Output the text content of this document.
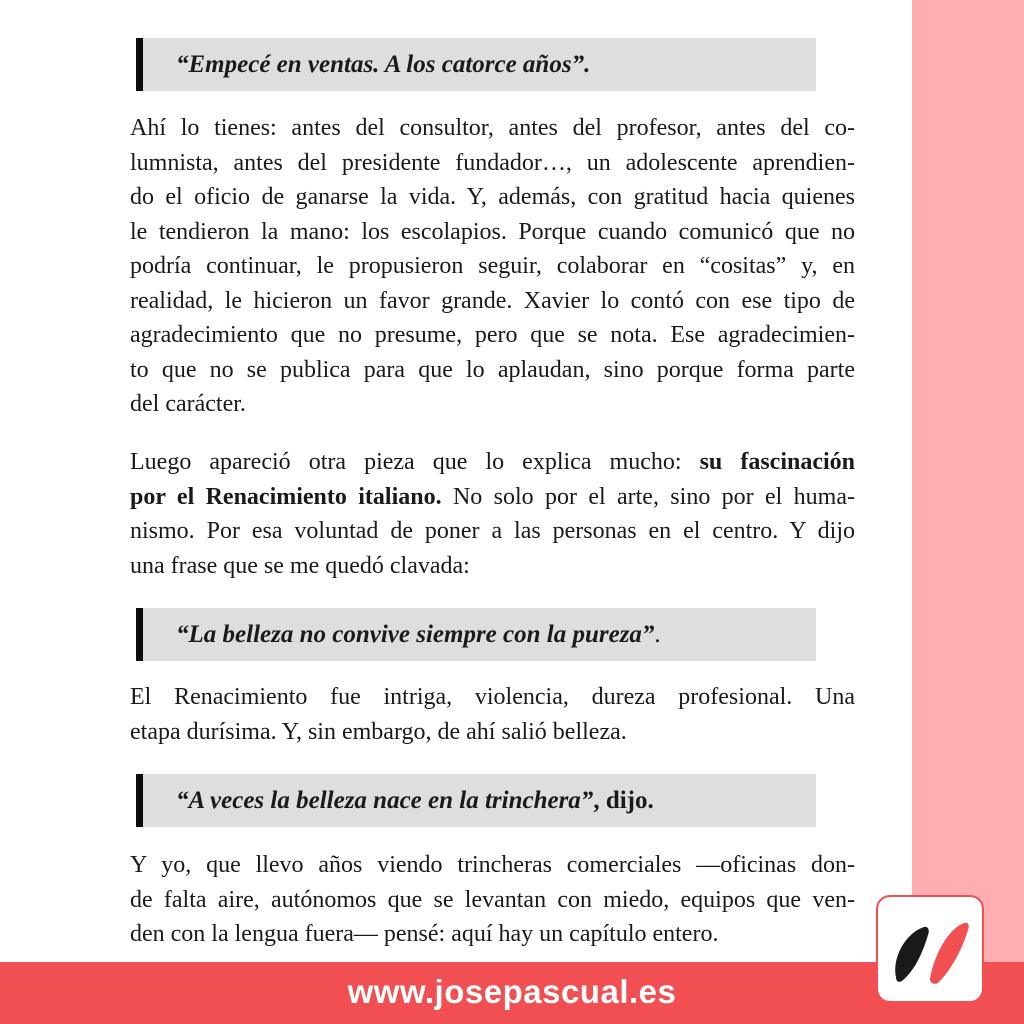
“Empecé en ventas. A los catorce años”.
Ahí lo tienes: antes del consultor, antes del profesor, antes del co-
lumnista, antes del presidente fundador…, un adolescente aprendien-
do el oficio de ganarse la vida. Y, además, con gratitud hacia quienes
le tendieron la mano: los escolapios. Porque cuando comunicó que no
podría continuar, le propusieron seguir, colaborar en “cositas” y, en
realidad, le hicieron un favor grande. Xavier lo contó con ese tipo de
agradecimiento que no presume, pero que se nota. Ese agradecimien-
to que no se publica para que lo aplaudan, sino porque forma parte
del carácter.
Luego apareció otra pieza que lo explica mucho: su fascinación
por el Renacimiento italiano. No solo por el arte, sino por el huma-
nismo. Por esa voluntad de poner a las personas en el centro. Y dijo
una frase que se me quedó clavada:
“La belleza no convive siempre con la pureza”.
El Renacimiento fue intriga, violencia, dureza profesional. Una
etapa durísima. Y, sin embargo, de ahí salió belleza.
“A veces la belleza nace en la trinchera”, dijo.
Y yo, que llevo años viendo trincheras comerciales —oficinas don-
de falta aire, autónomos que se levantan con miedo, equipos que ven-
den con la lengua fuera— pensé: aquí hay un capítulo entero.
www.josepascual.es
